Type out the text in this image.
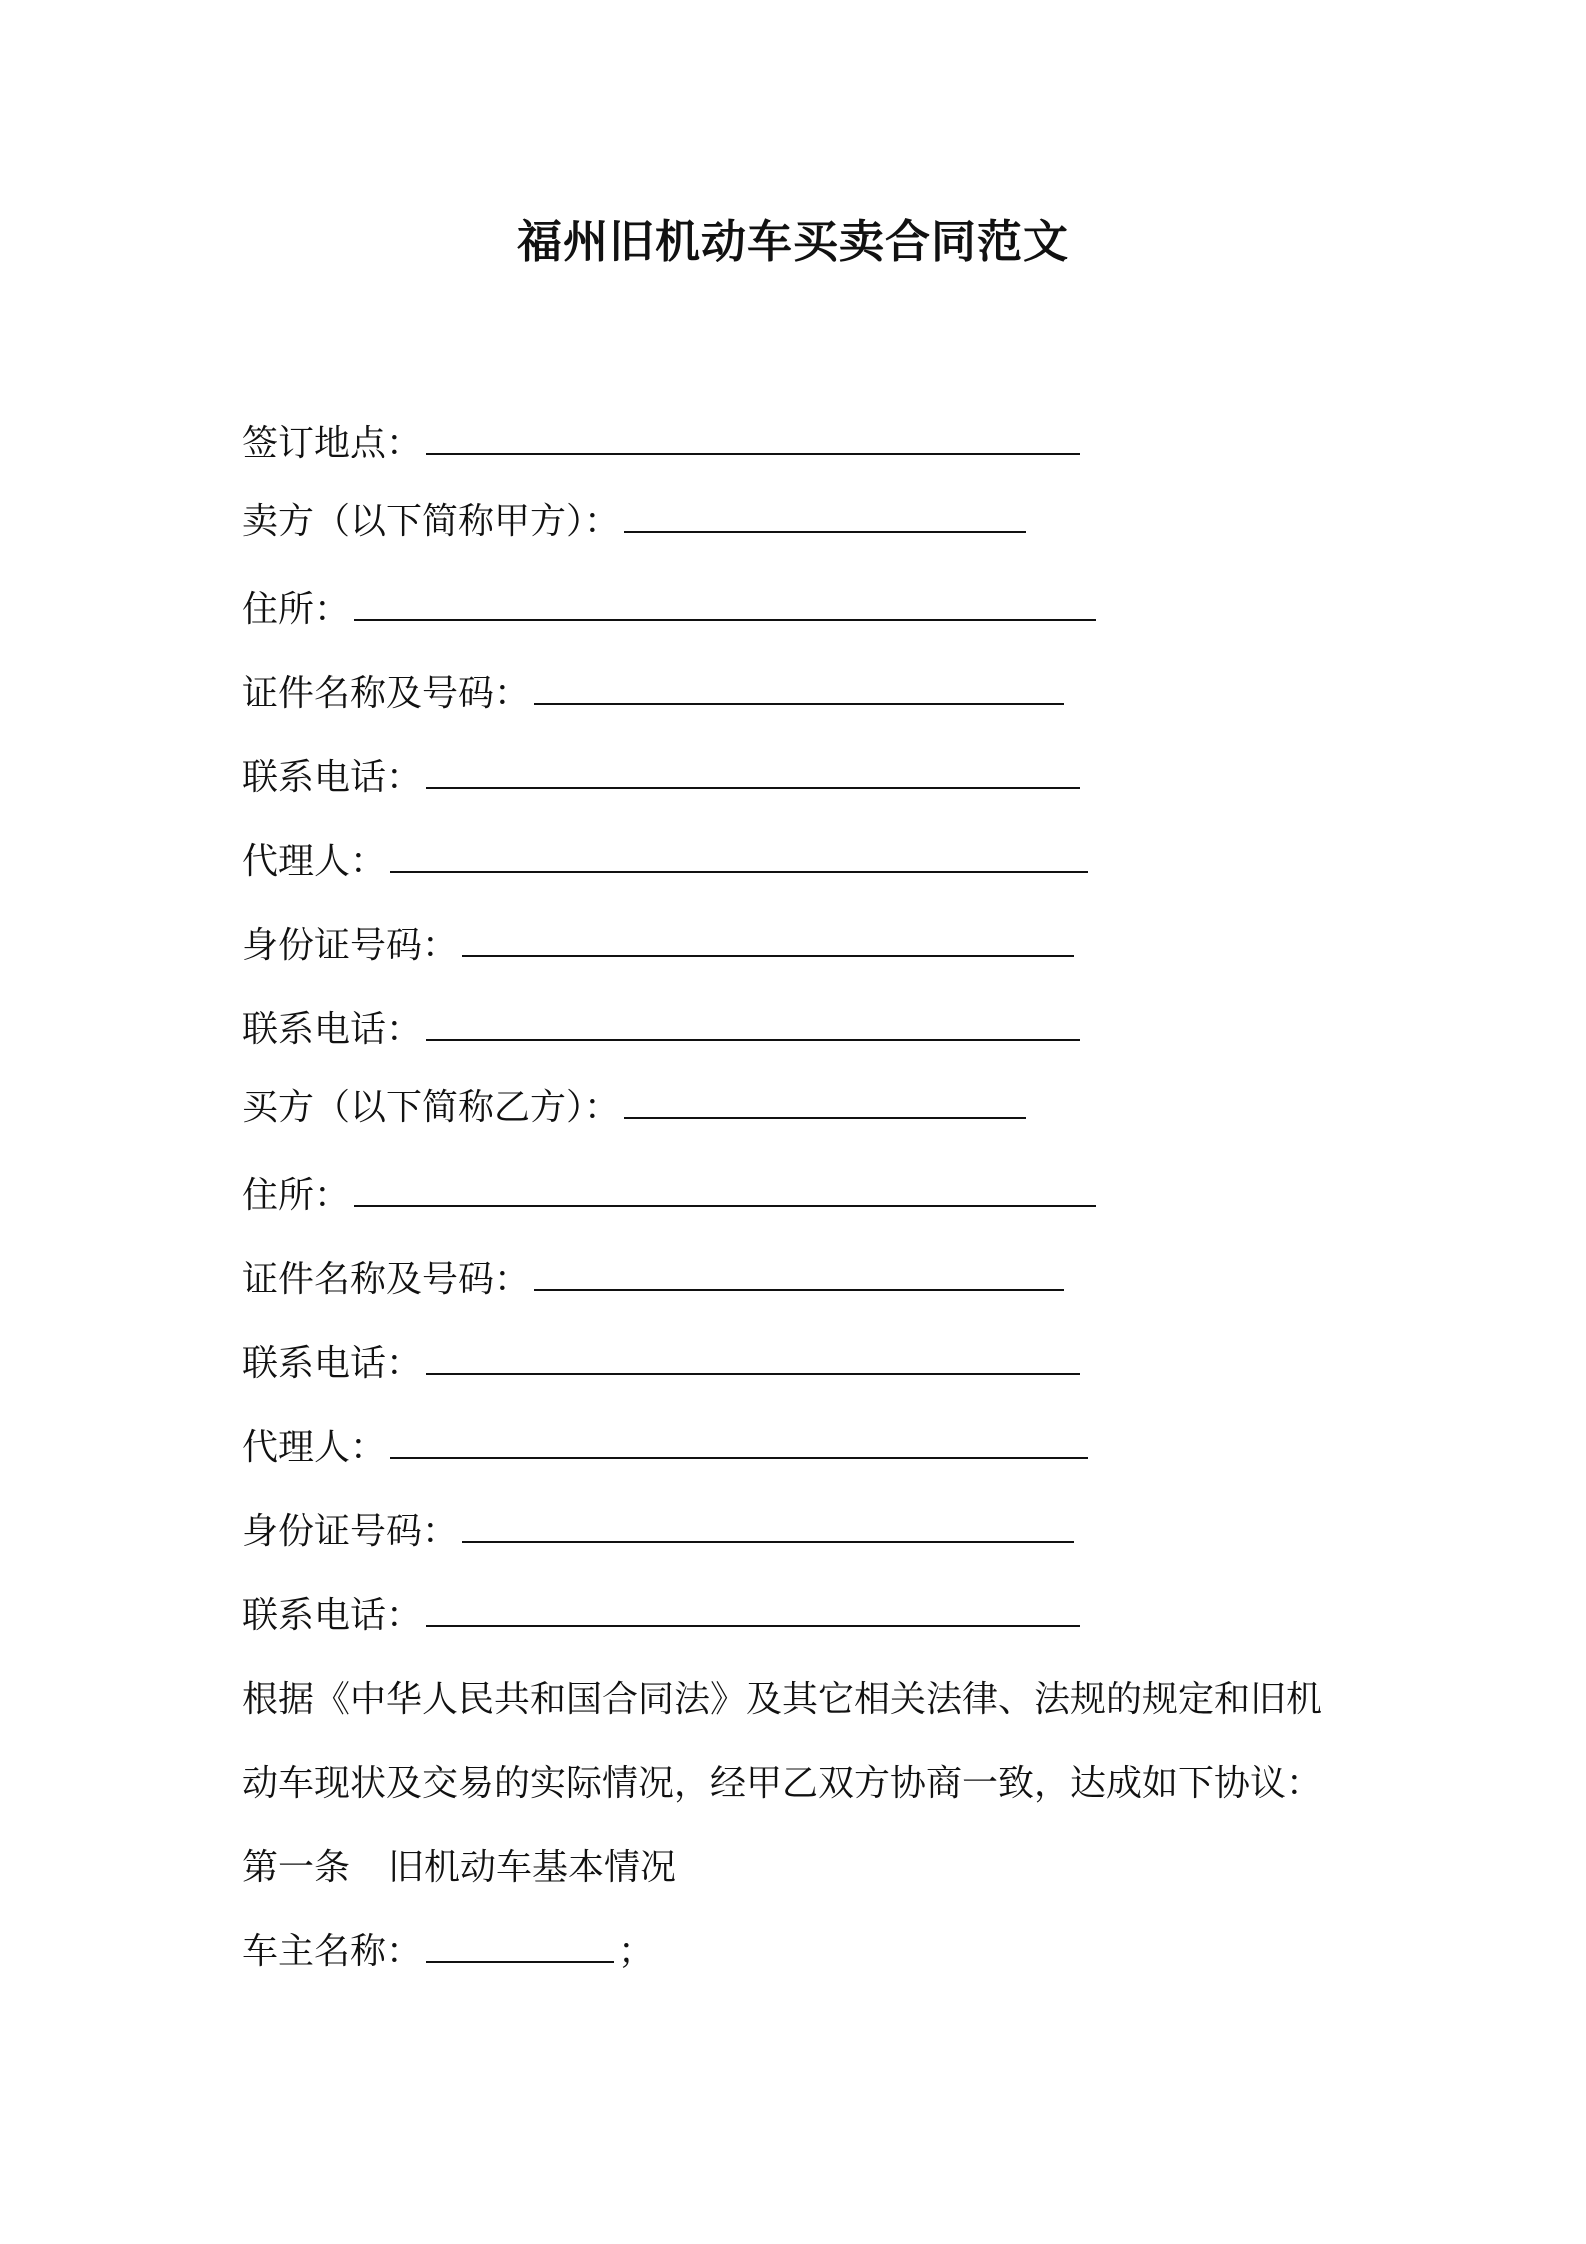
福州旧机动车买卖合同范文

签订地点：

卖方（以下简称甲方）：

住所：

证件名称及号码：

联系电话：

代理人：

身份证号码：

联系电话：

买方（以下简称乙方）：

住所：

证件名称及号码：

联系电话：

代理人：

身份证号码：

联系电话：

根据《中华人民共和国合同法》及其它相关法律、法规的规定和旧机

动车现状及交易的实际情况，经甲乙双方协商一致，达成如下协议：

第一条 旧机动车基本情况

车主名称：	；
